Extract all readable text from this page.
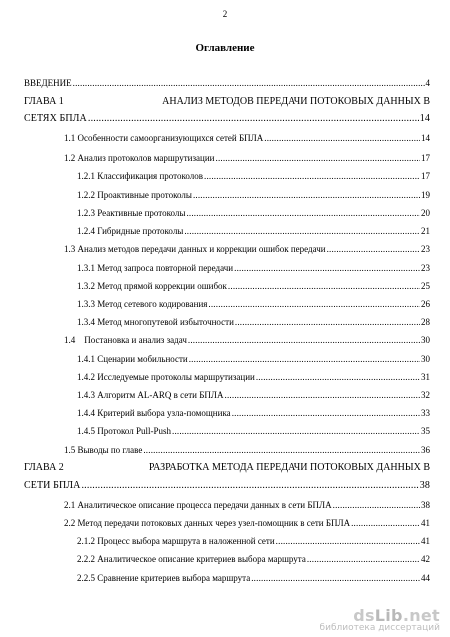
2
Оглавление
ВВЕДЕНИЕ .....	4
ГЛАВА 1	АНАЛИЗ МЕТОДОВ ПЕРЕДАЧИ ПОТОКОВЫХ ДАННЫХ В
СЕТЯХ БПЛА .....	14
1.1 Особенности самоорганизующихся сетей БПЛА .....	14
1.2 Анализ протоколов маршрутизации .....	17
1.2.1 Классификация протоколов .....	17
1.2.2 Проактивные протоколы .....	19
1.2.3 Реактивные протоколы .....	20
1.2.4 Гибридные протоколы .....	21
1.3 Анализ методов передачи данных и коррекции ошибок передачи .....	23
1.3.1 Метод запроса повторной передачи .....	23
1.3.2 Метод прямой коррекции ошибок .....	25
1.3.3 Метод сетевого кодирования .....	26
1.3.4 Метод многопутевой избыточности .....	28
1.4    Постановка и анализ задач .....	30
1.4.1 Сценарии мобильности .....	30
1.4.2 Исследуемые протоколы маршрутизации .....	31
1.4.3 Алгоритм AL-ARQ в сети БПЛА .....	32
1.4.4 Критерий выбора узла-помощника .....	33
1.4.5 Протокол Pull-Push .....	35
1.5 Выводы по главе .....	36
ГЛАВА 2	РАЗРАБОТКА МЕТОДА ПЕРЕДАЧИ ПОТОКОВЫХ ДАННЫХ В
СЕТИ БПЛА .....	38
2.1 Аналитическое описание процесса передачи данных в сети БПЛА .....	38
2.2 Метод передачи потоковых данных через узел-помощник в сети БПЛА .....	41
2.1.2 Процесс выбора маршрута в наложенной сети .....	41
2.2.2 Аналитическое описание критериев выбора маршрута .....	42
2.2.5 Сравнение критериев выбора маршрута .....	44
dsLib.net
библиотека диссертаций
